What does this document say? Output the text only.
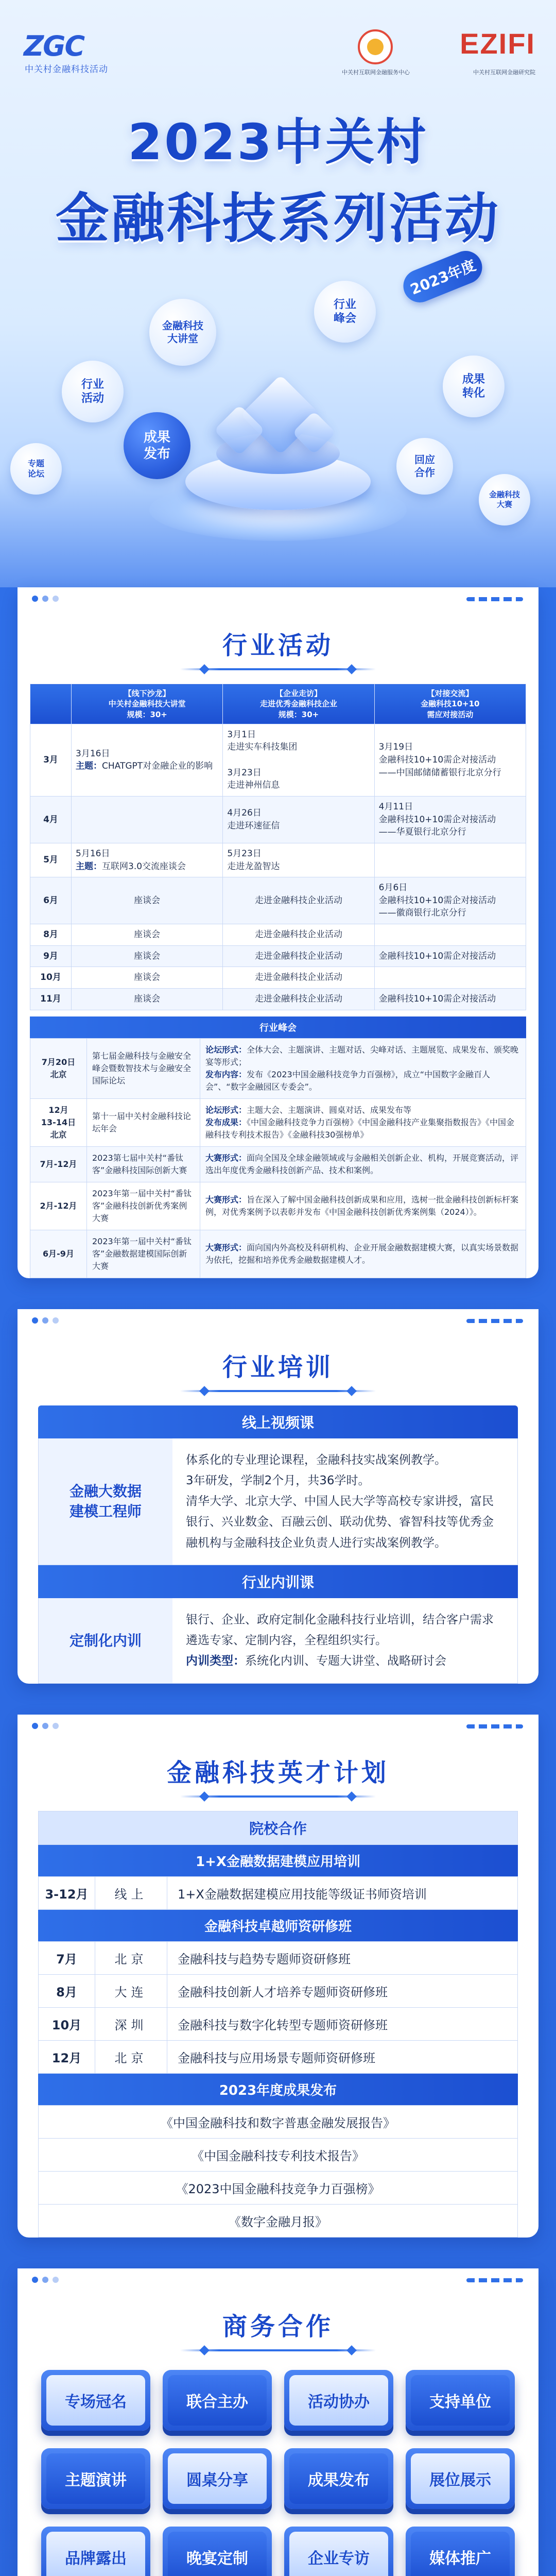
ZGC
中关村金融科技活动	中关村互联网金融服务中心
EZIFI
中关村互联网金融研究院
2023中关村
金融科技系列活动
2023年度
金融科技
大讲堂
行业
峰会
行业
活动
成果
发布
成果
转化
回应
合作
专题
论坛
金融科技
大赛
行业活动
	【线下沙龙】
中关村金融科技大讲堂
规模：30+	【企业走访】
走进优秀金融科技企业
规模：30+	【对接交流】
金融科技10+10
需应对接活动
3月	3月16日
主题：CHATGPT对金融企业的影响	3月1日
走进实车科技集团

3月23日
走进神州信息	3月19日
金融科技10+10需企对接活动
——中国邮储储蓄银行北京分行
4月		4月26日
走进环速征信	4月11日
金融科技10+10需企对接活动
——华夏银行北京分行
5月	5月16日
主题：互联网3.0交流座谈会	5月23日
走进龙盈智达	
6月	座谈会	走进金融科技企业活动	6月6日
金融科技10+10需企对接活动
——徽商银行北京分行
8月	座谈会	走进金融科技企业活动	
9月	座谈会	走进金融科技企业活动	金融科技10+10需企对接活动
10月	座谈会	走进金融科技企业活动	
11月	座谈会	走进金融科技企业活动	金融科技10+10需企对接活动
行业峰会
7月20日
北京	第七届金融科技与金融安全峰会暨数智技术与金融安全国际论坛	论坛形式：全体大会、主题演讲、主题对话、尖峰对话、主题展览、成果发布、颁奖晚宴等形式；
发布内容：发布《2023中国金融科技竞争力百强榜》，成立“中国数字金融百人会”、“数字金融园区专委会”。
12月
13-14日
北京	第十一届中关村金融科技论坛年会	论坛形式：主题大会、主题演讲、圆桌对话、成果发布等
发布成果：《中国金融科技竞争力百强榜》《中国金融科技产业集聚指数报告》《中国金融科技专利技术报告》《金融科技30强榜单》
7月-12月	2023第七届中关村“番钛客”金融科技国际创新大赛	大赛形式：面向全国及全球金融领域或与金融相关创新企业、机构，开展竞赛活动，评选出年度优秀金融科技创新产品、技术和案例。
2月-12月	2023年第一届中关村“番钛客”金融科技创新优秀案例大赛	大赛形式：旨在深入了解中国金融科技创新成果和应用，选树一批金融科技创新标杆案例，对优秀案例予以表彰并发布《中国金融科技创新优秀案例集（2024）》。
6月-9月	2023年第一届中关村“番钛客”金融数据建模国际创新大赛	大赛形式：面向国内外高校及科研机构、企业开展金融数据建模大赛，以真实场景数据为依托，挖掘和培养优秀金融数据建模人才。
行业培训
线上视频课
金融大数据
建模工程师
体系化的专业理论课程，金融科技实战案例教学。
3年研发，学制2个月，共36学时。
清华大学、北京大学、中国人民大学等高校专家讲授，富民银行、兴业数金、百融云创、联动优势、睿智科技等优秀金融机构与金融科技企业负责人进行实战案例教学。
行业内训课
定制化内训
银行、企业、政府定制化金融科技行业培训，结合客户需求遴选专家、定制内容，全程组织实行。
内训类型：系统化内训、专题大讲堂、战略研讨会
金融科技英才计划
院校合作
1+X金融数据建模应用培训
3-12月	线上	1+X金融数据建模应用技能等级证书师资培训
金融科技卓越师资研修班
7月	北京	金融科技与趋势专题师资研修班
8月	大连	金融科技创新人才培养专题师资研修班
10月	深圳	金融科技与数字化转型专题师资研修班
12月	北京	金融科技与应用场景专题师资研修班
2023年度成果发布
《中国金融科技和数字普惠金融发展报告》
《中国金融科技专利技术报告》
《2023中国金融科技竞争力百强榜》
《数字金融月报》
商务合作
专场冠名	联合主办	活动协办	支持单位
主题演讲	圆桌分享	成果发布	展位展示
品牌露出	晚宴定制	企业专访	媒体推广
